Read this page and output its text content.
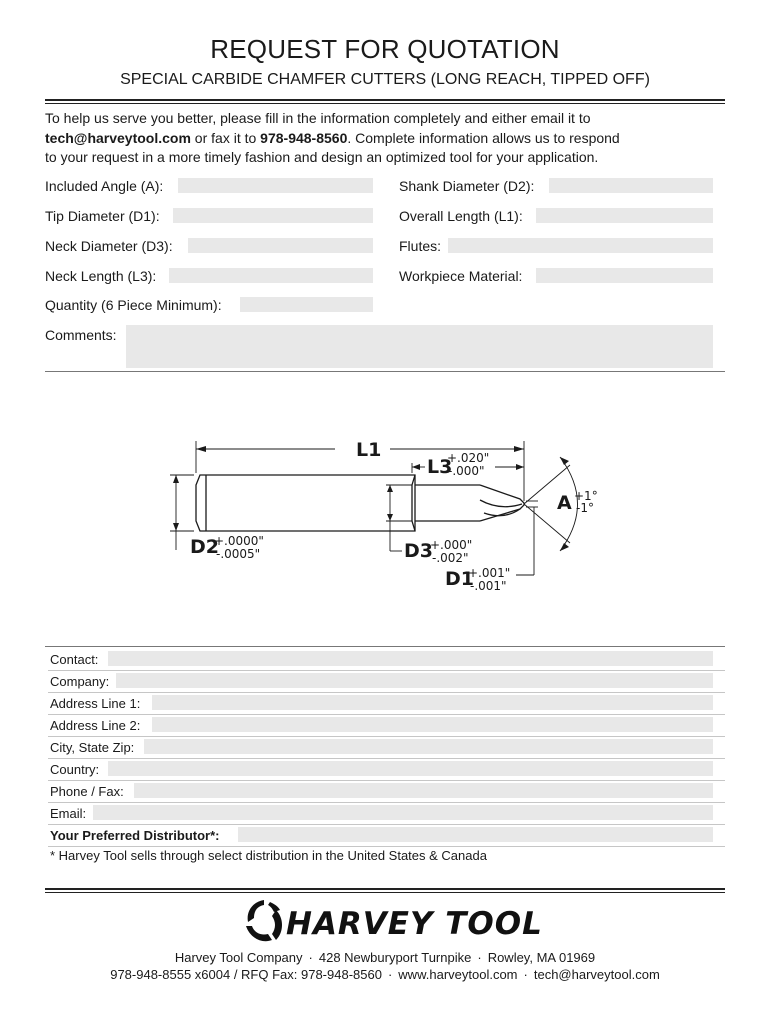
REQUEST FOR QUOTATION
SPECIAL CARBIDE CHAMFER CUTTERS (LONG REACH, TIPPED OFF)
To help us serve you better, please fill in the information completely and either email it to
tech@harveytool.com or fax it to 978-948-8560. Complete information allows us to respond
to your request in a more timely fashion and design an optimized tool for your application.
Included Angle (A):
Tip Diameter (D1):
Neck Diameter (D3):
Neck Length (L3):
Quantity (6 Piece Minimum):
Shank Diameter (D2):
Overall Length (L1):
Flutes:
Workpiece Material:
Comments:
L1
L3
+.020"
-.000"
D2
+.0000"
-.0005"	D3
+.000"
-.002"
D1
+.001"
-.001"
A +1°
-1°
Contact:
Company:
Address Line 1:
Address Line 2:
City, State Zip:
Country:
Phone / Fax:
Email:
Your Preferred Distributor*:
* Harvey Tool sells through select distribution in the United States & Canada
HARVEY TOOL
Harvey Tool Company · 428 Newburyport Turnpike · Rowley, MA 01969
978-948-8555 x6004 / RFQ Fax: 978-948-8560 · www.harveytool.com · tech@harveytool.com
